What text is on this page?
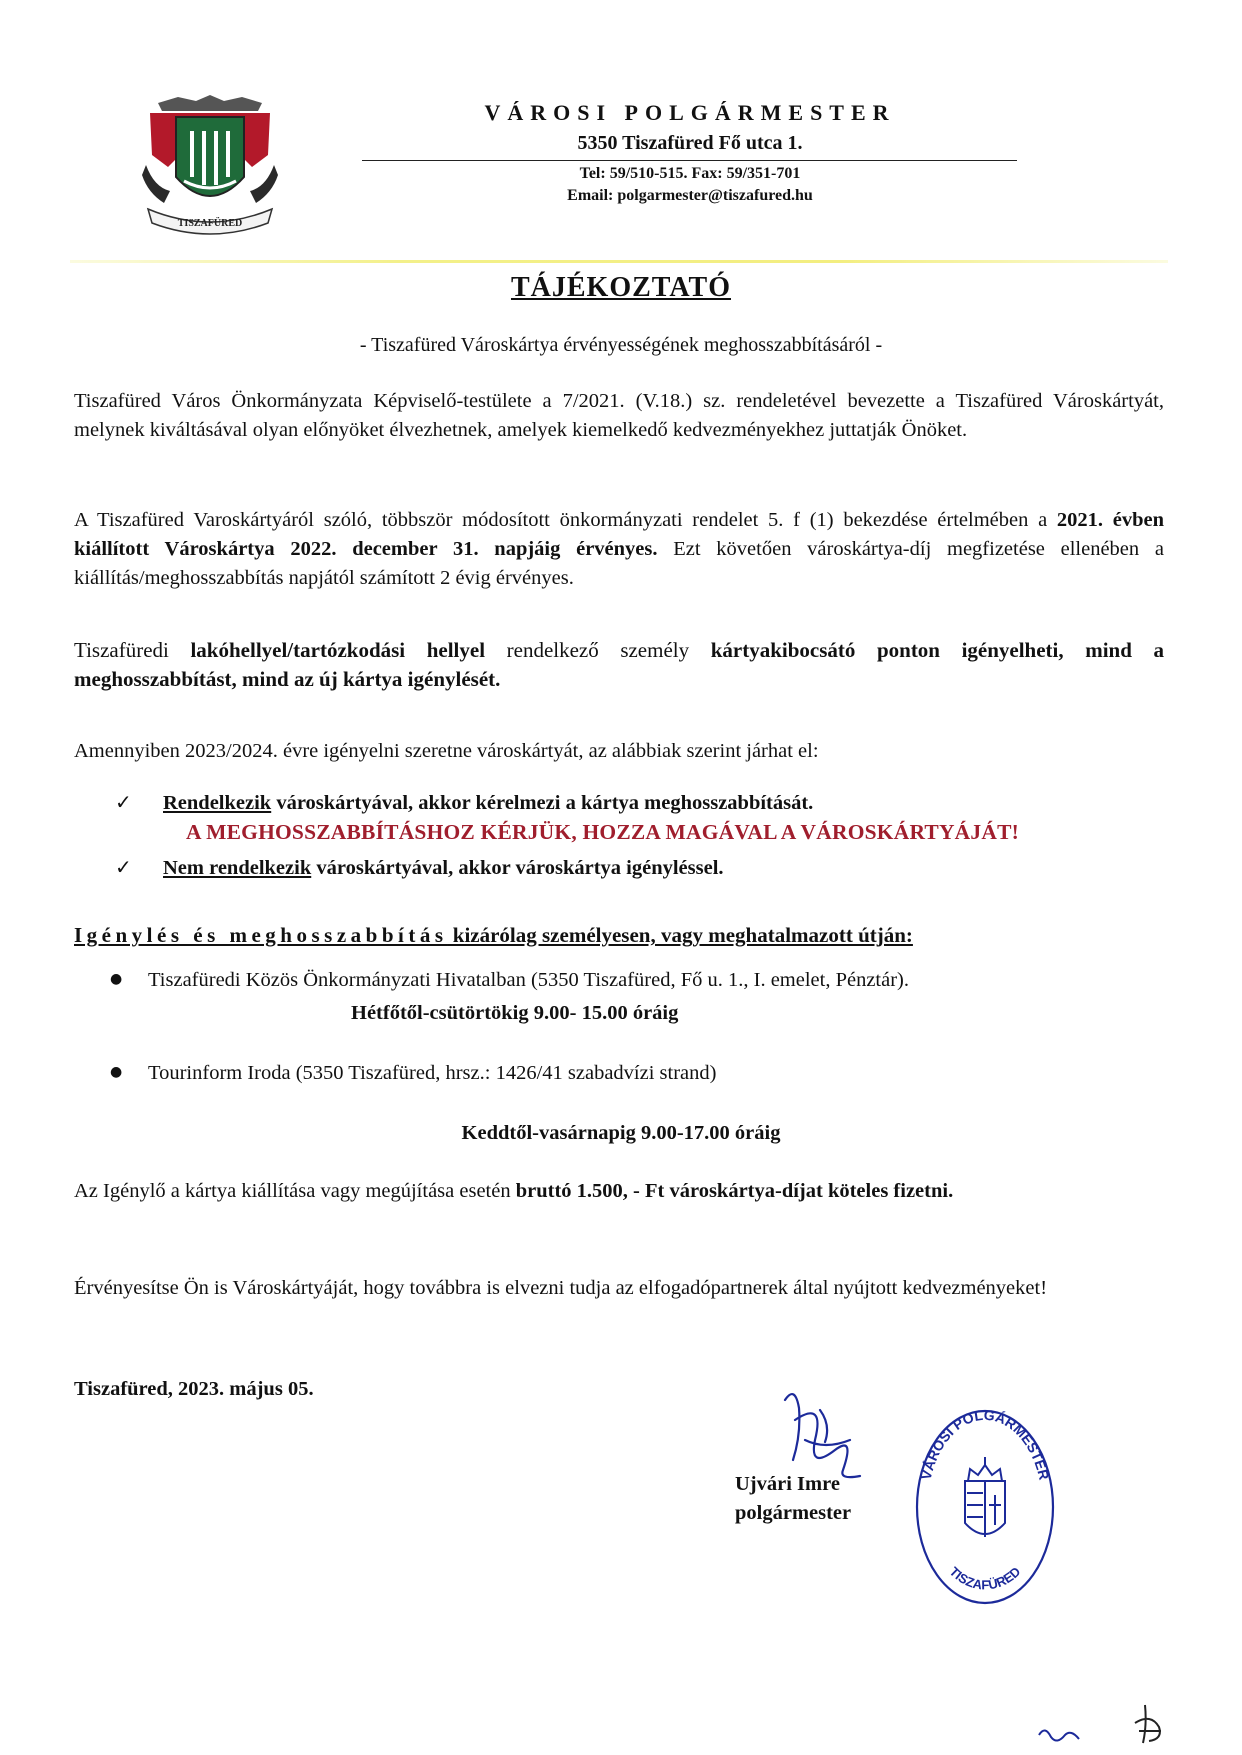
TISZAFÜRED
VÁROSI POLGÁRMESTER
5350 Tiszafüred Fő utca 1.
Tel: 59/510-515. Fax: 59/351-701
Email: polgarmester@tiszafured.hu
TÁJÉKOZTATÓ
- Tiszafüred Városkártya érvényességének meghosszabbításáról -
Tiszafüred Város Önkormányzata Képviselő-testülete a 7/2021. (V.18.) sz. rendeletével bevezette a Tiszafüred Városkártyát, melynek kiváltásával olyan előnyöket élvezhetnek, amelyek kiemelkedő kedvezményekhez juttatják Önöket.
A Tiszafüred Varoskártyáról szóló, többször módosított önkormányzati rendelet 5. f (1) bekezdése értelmében a 2021. évben kiállított Városkártya 2022. december 31. napjáig érvényes. Ezt követően városkártya-díj megfizetése ellenében a kiállítás/meghosszabbítás napjától számított 2 évig érvényes.
Tiszafüredi lakóhellyel/tartózkodási hellyel rendelkező személy kártyakibocsátó ponton igényelheti, mind a meghosszabbítást, mind az új kártya igénylését.
Amennyiben 2023/2024. évre igényelni szeretne városkártyát, az alábbiak szerint járhat el:
✓ Rendelkezik városkártyával, akkor kérelmezi a kártya meghosszabbítását.
A MEGHOSSZABBÍTÁSHOZ KÉRJÜK, HOZZA MAGÁVAL A VÁROSKÁRTYÁJÁT!
✓ Nem rendelkezik városkártyával, akkor városkártya igényléssel.
Igénylés és meghosszabbítás kizárólag személyesen, vagy meghatalmazott útján:
● Tiszafüredi Közös Önkormányzati Hivatalban (5350 Tiszafüred, Fő u. 1., I. emelet, Pénztár).
Hétfőtől-csütörtökig 9.00- 15.00 óráig
● Tourinform Iroda (5350 Tiszafüred, hrsz.: 1426/41 szabadvízi strand)
Keddtől-vasárnapig 9.00-17.00 óráig
Az Igénylő a kártya kiállítása vagy megújítása esetén bruttó 1.500, - Ft városkártya-díjat köteles fizetni.
Érvényesítse Ön is Városkártyáját, hogy továbbra is elvezni tudja az elfogadópartnerek által nyújtott kedvezményeket!
Tiszafüred, 2023. május 05.
Ujvári Imre
polgármester
VÁROSI POLGÁRMESTER
TISZAFÜRED
